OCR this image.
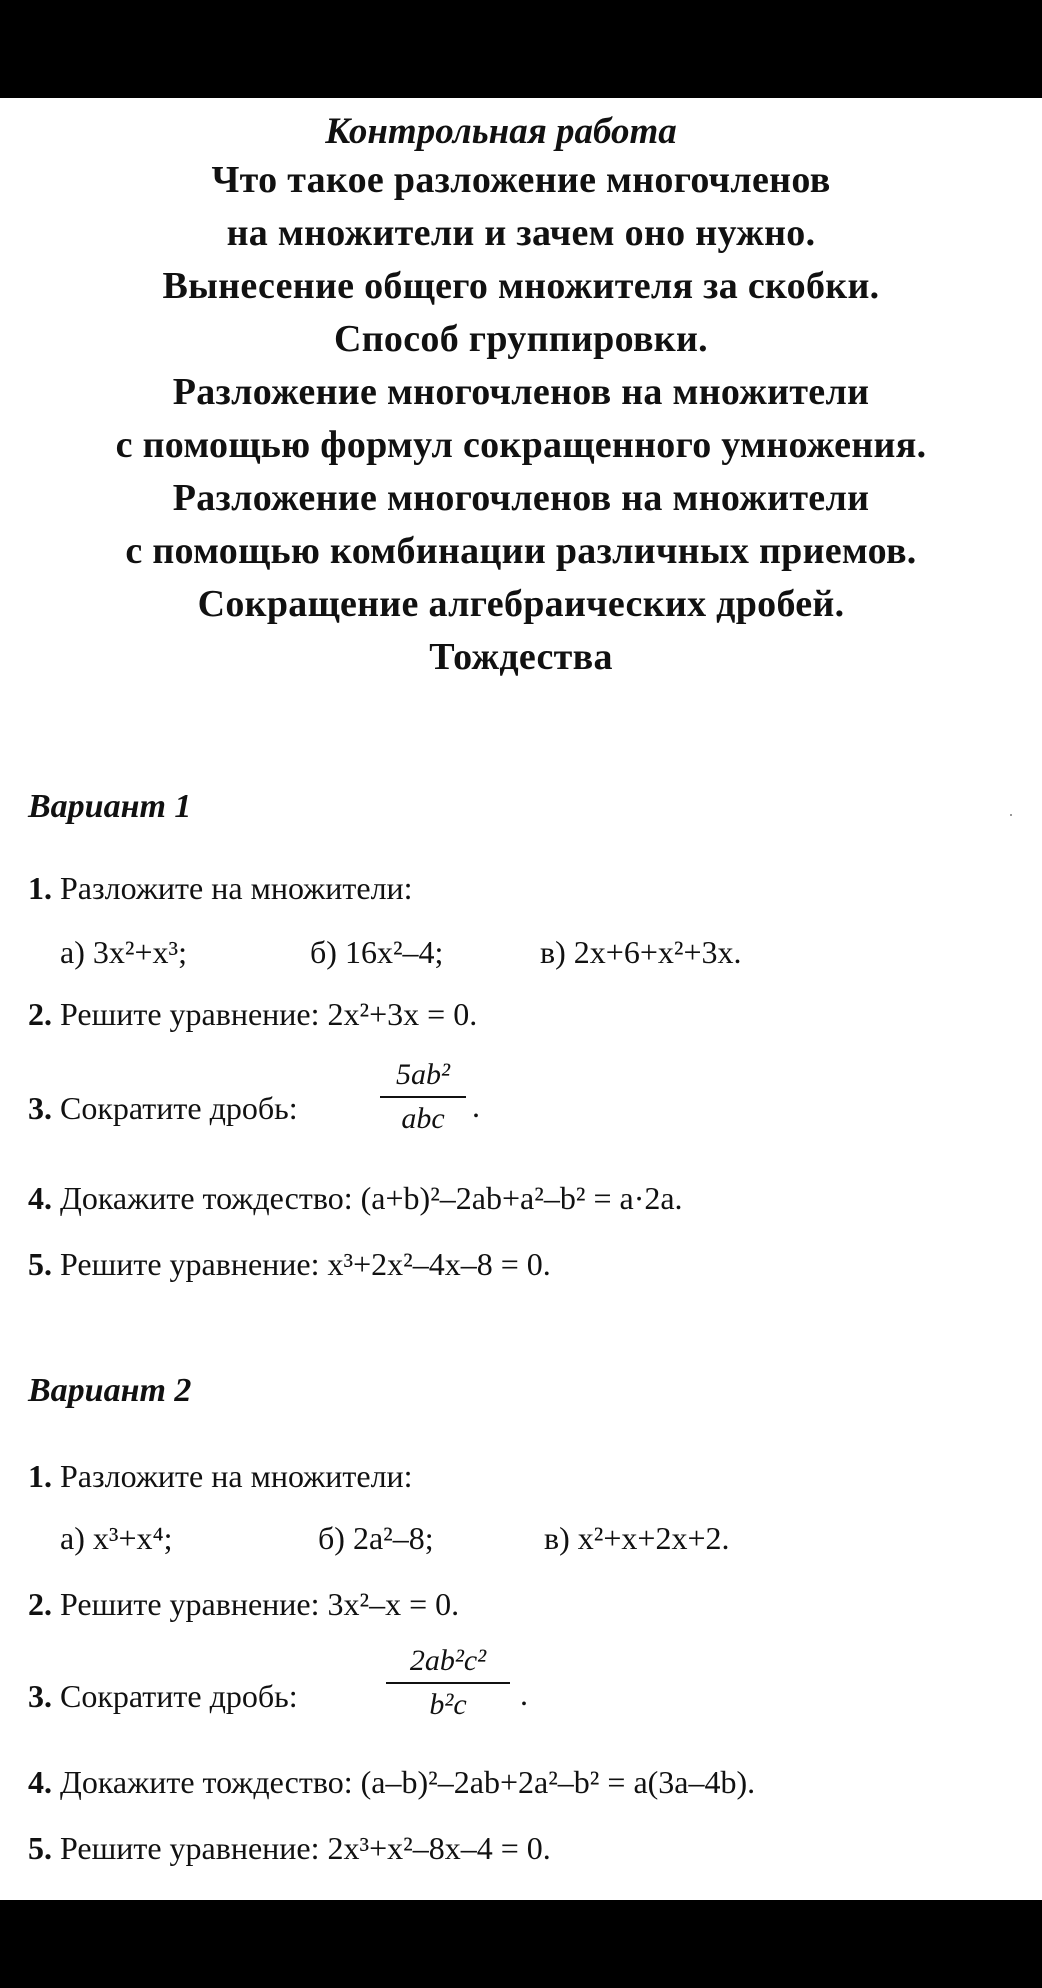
Контрольная работа
Что такое разложение многочленов
на множители и зачем оно нужно.
Вынесение общего множителя за скобки.
Способ группировки.
Разложение многочленов на множители
с помощью формул сокращенного умножения.
Разложение многочленов на множители
с помощью комбинации различных приемов.
Сокращение алгебраических дробей.
Тождества
Вариант 1
1. Разложите на множители:
а) 3x²+x³;	б) 16x²–4;	в) 2x+6+x²+3x.
2. Решите уравнение: 2x²+3x = 0.
3. Сократите дробь:
5ab²
abc .
4. Докажите тождество: (a+b)²–2ab+a²–b² = a·2a.
5. Решите уравнение: x³+2x²–4x–8 = 0.
Вариант 2
1. Разложите на множители:
а) x³+x⁴;	б) 2a²–8;	в) x²+x+2x+2.
2. Решите уравнение: 3x²–x = 0.
3. Сократите дробь:
2ab²c²
b²c	.
4. Докажите тождество: (a–b)²–2ab+2a²–b² = a(3a–4b).
5. Решите уравнение: 2x³+x²–8x–4 = 0.
